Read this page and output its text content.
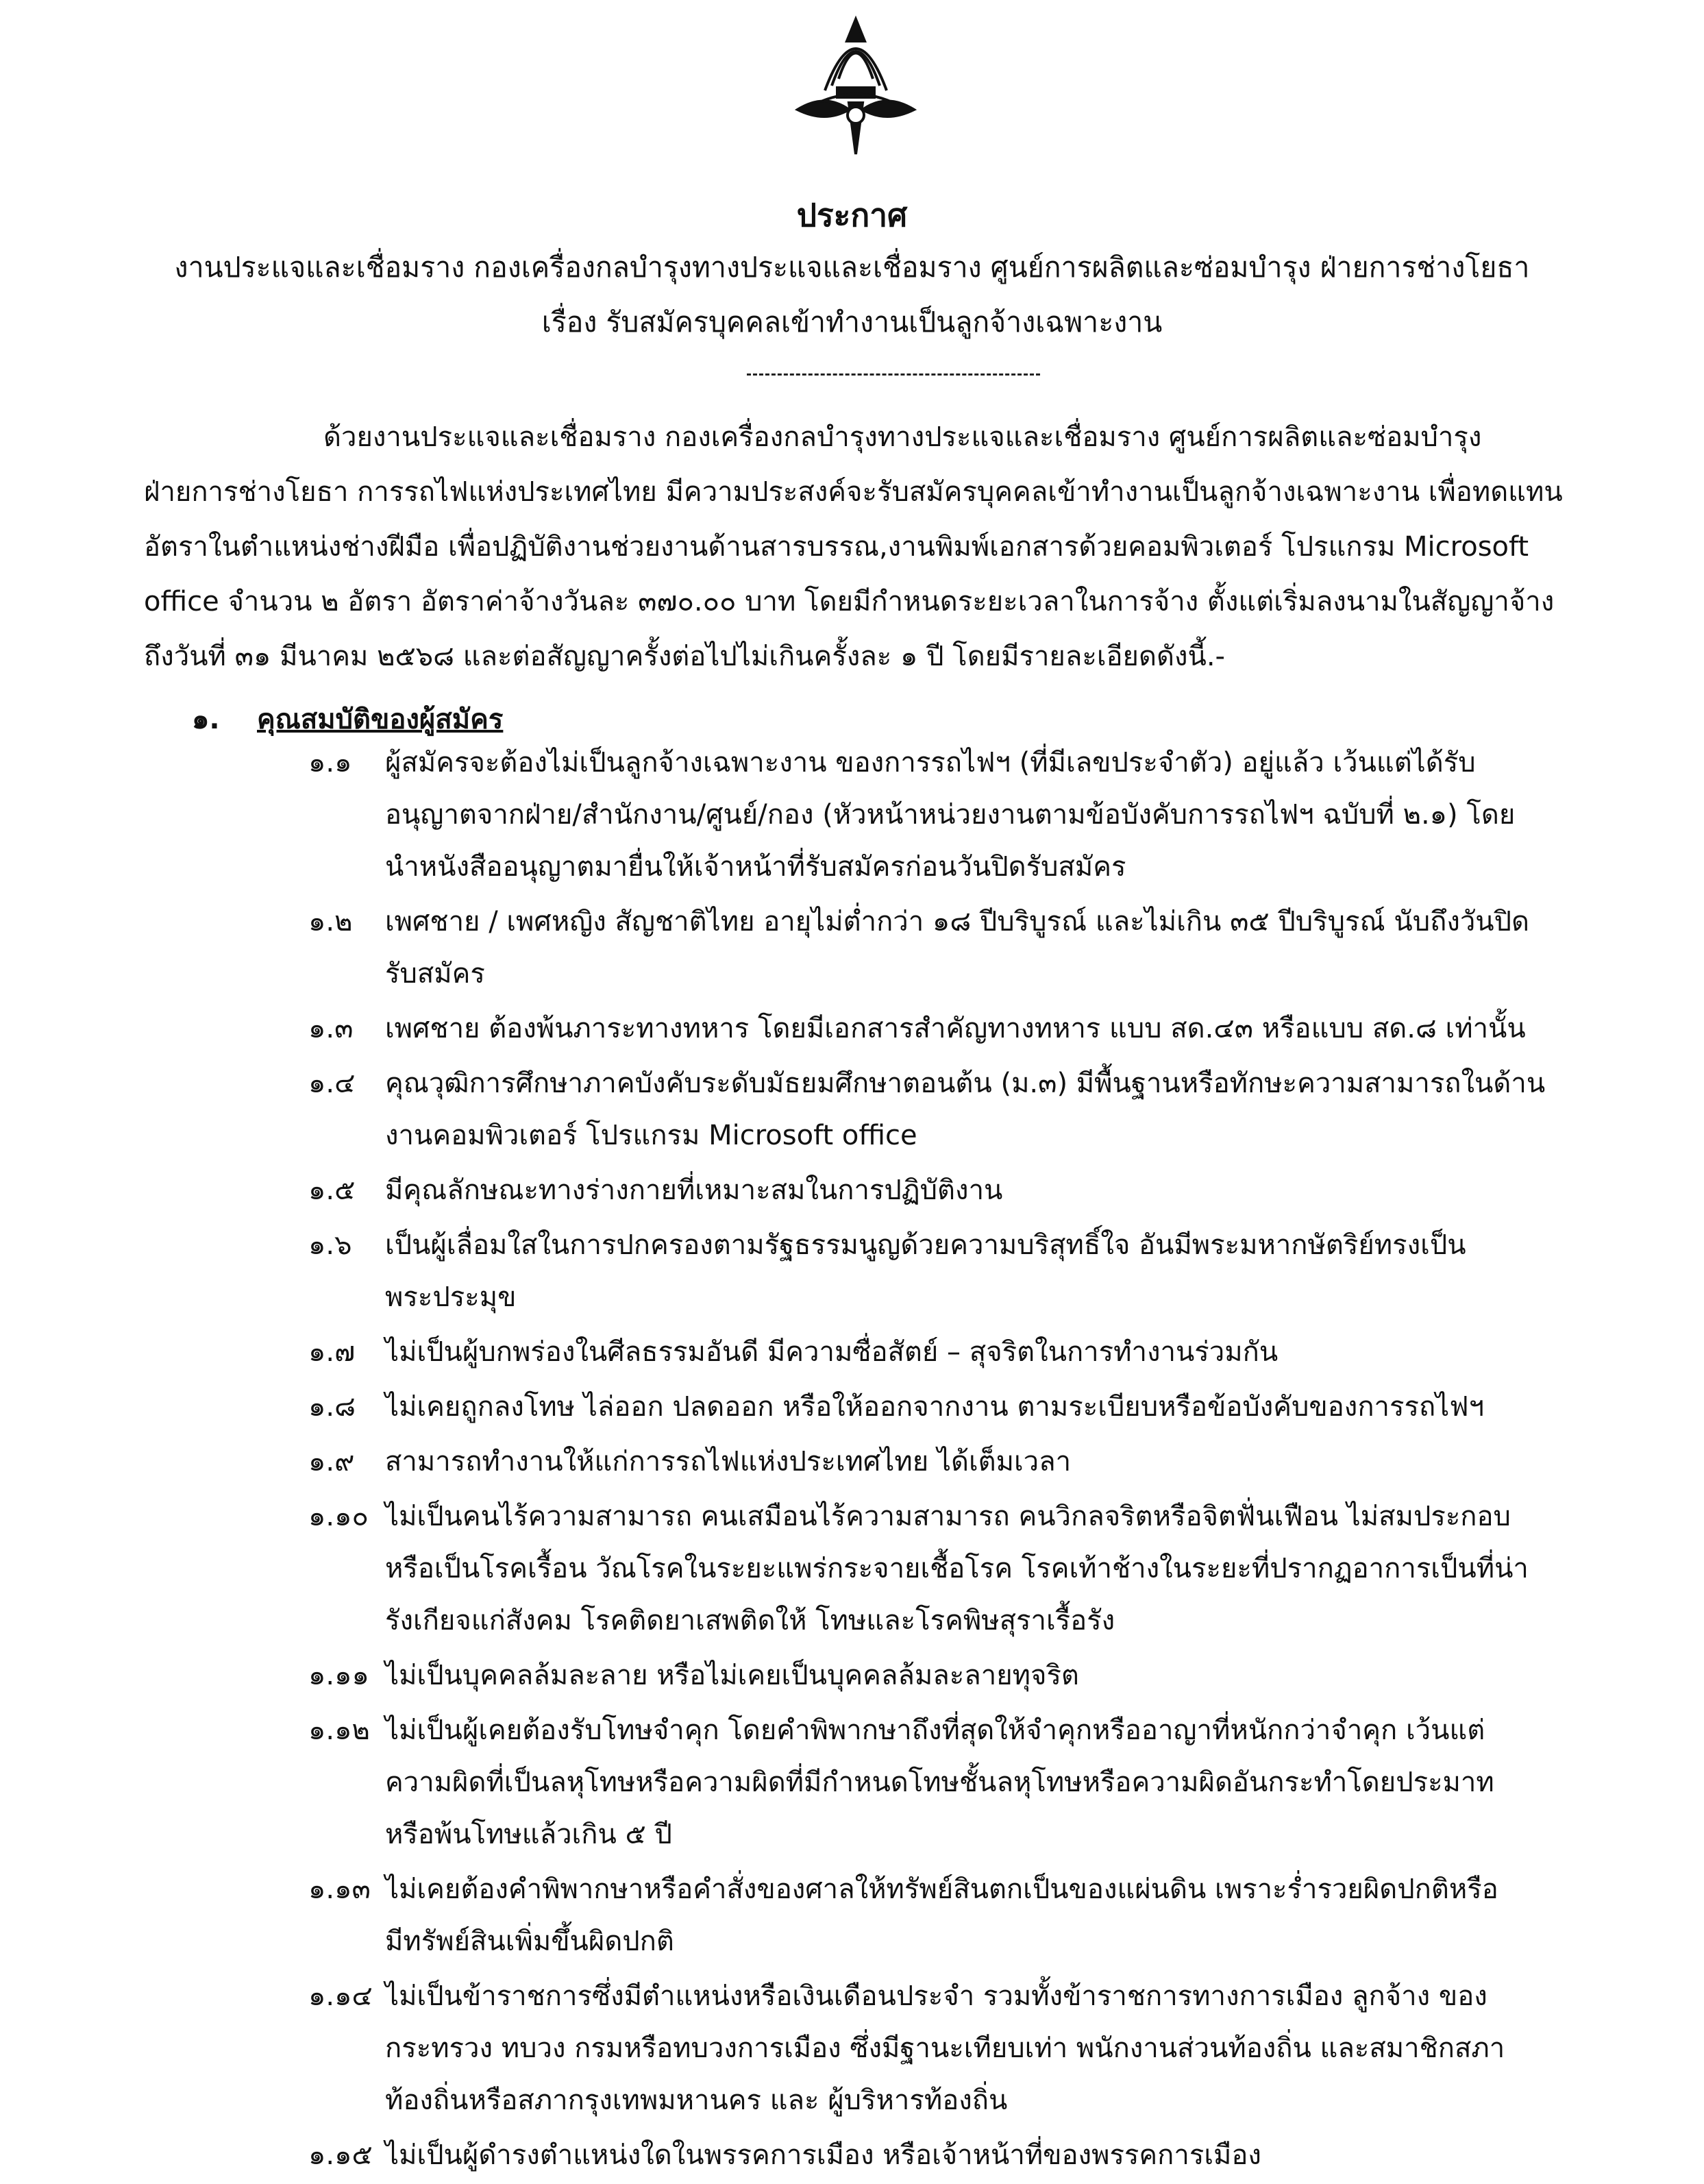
ประกาศ
งานประแจและเชื่อมราง กองเครื่องกลบำรุงทางประแจและเชื่อมราง ศูนย์การผลิตและซ่อมบำรุง ฝ่ายการช่างโยธา
เรื่อง รับสมัครบุคคลเข้าทำงานเป็นลูกจ้างเฉพาะงาน

ด้วยงานประแจและเชื่อมราง กองเครื่องกลบำรุงทางประแจและเชื่อมราง ศูนย์การผลิตและซ่อมบำรุง

ฝ่ายการช่างโยธา การรถไฟแห่งประเทศไทย มีความประสงค์จะรับสมัครบุคคลเข้าทำงานเป็นลูกจ้างเฉพาะงาน เพื่อทดแทน

อัตราในตำแหน่งช่างฝีมือ เพื่อปฏิบัติงานช่วยงานด้านสารบรรณ,งานพิมพ์เอกสารด้วยคอมพิวเตอร์ โปรแกรม Microsoft

office จำนวน ๒ อัตรา อัตราค่าจ้างวันละ ๓๗๐.๐๐ บาท โดยมีกำหนดระยะเวลาในการจ้าง ตั้งแต่เริ่มลงนามในสัญญาจ้าง

ถึงวันที่ ๓๑ มีนาคม ๒๕๖๘ และต่อสัญญาครั้งต่อไปไม่เกินครั้งละ ๑ ปี โดยมีรายละเอียดดังนี้.-

๑. คุณสมบัติของผู้สมัคร
๑.๑	ผู้สมัครจะต้องไม่เป็นลูกจ้างเฉพาะงาน ของการรถไฟฯ (ที่มีเลขประจำตัว) อยู่แล้ว เว้นแต่ได้รับ
อนุญาตจากฝ่าย/สำนักงาน/ศูนย์/กอง (หัวหน้าหน่วยงานตามข้อบังคับการรถไฟฯ ฉบับที่ ๒.๑) โดย
นำหนังสืออนุญาตมายื่นให้เจ้าหน้าที่รับสมัครก่อนวันปิดรับสมัคร
๑.๒	เพศชาย / เพศหญิง สัญชาติไทย อายุไม่ต่ำกว่า ๑๘ ปีบริบูรณ์ และไม่เกิน ๓๕ ปีบริบูรณ์ นับถึงวันปิด
รับสมัคร
๑.๓	เพศชาย ต้องพ้นภาระทางทหาร โดยมีเอกสารสำคัญทางทหาร แบบ สด.๔๓ หรือแบบ สด.๘ เท่านั้น
๑.๔	คุณวุฒิการศึกษาภาคบังคับระดับมัธยมศึกษาตอนต้น (ม.๓) มีพื้นฐานหรือทักษะความสามารถในด้าน
งานคอมพิวเตอร์ โปรแกรม Microsoft office
๑.๕	มีคุณลักษณะทางร่างกายที่เหมาะสมในการปฏิบัติงาน
๑.๖	เป็นผู้เลื่อมใสในการปกครองตามรัฐธรรมนูญด้วยความบริสุทธิ์ใจ อันมีพระมหากษัตริย์ทรงเป็น
พระประมุข
๑.๗	ไม่เป็นผู้บกพร่องในศีลธรรมอันดี มีความซื่อสัตย์ – สุจริตในการทำงานร่วมกัน
๑.๘	ไม่เคยถูกลงโทษ ไล่ออก ปลดออก หรือให้ออกจากงาน ตามระเบียบหรือข้อบังคับของการรถไฟฯ
๑.๙	สามารถทำงานให้แก่การรถไฟแห่งประเทศไทย ได้เต็มเวลา
๑.๑๐ ไม่เป็นคนไร้ความสามารถ คนเสมือนไร้ความสามารถ คนวิกลจริตหรือจิตฟั่นเฟือน ไม่สมประกอบ
หรือเป็นโรคเรื้อน วัณโรคในระยะแพร่กระจายเชื้อโรค โรคเท้าช้างในระยะที่ปรากฏอาการเป็นที่น่า
รังเกียจแก่สังคม โรคติดยาเสพติดให้ โทษและโรคพิษสุราเรื้อรัง
๑.๑๑ ไม่เป็นบุคคลล้มละลาย หรือไม่เคยเป็นบุคคลล้มละลายทุจริต
๑.๑๒ ไม่เป็นผู้เคยต้องรับโทษจำคุก โดยคำพิพากษาถึงที่สุดให้จำคุกหรืออาญาที่หนักกว่าจำคุก เว้นแต่
ความผิดที่เป็นลหุโทษหรือความผิดที่มีกำหนดโทษชั้นลหุโทษหรือความผิดอันกระทำโดยประมาท
หรือพ้นโทษแล้วเกิน ๕ ปี
๑.๑๓ ไม่เคยต้องคำพิพากษาหรือคำสั่งของศาลให้ทรัพย์สินตกเป็นของแผ่นดิน เพราะร่ำรวยผิดปกติหรือ
มีทรัพย์สินเพิ่มขึ้นผิดปกติ
๑.๑๔ ไม่เป็นข้าราชการซึ่งมีตำแหน่งหรือเงินเดือนประจำ รวมทั้งข้าราชการทางการเมือง ลูกจ้าง ของ
กระทรวง ทบวง กรมหรือทบวงการเมือง ซึ่งมีฐานะเทียบเท่า พนักงานส่วนท้องถิ่น และสมาชิกสภา
ท้องถิ่นหรือสภากรุงเทพมหานคร และ ผู้บริหารท้องถิ่น
๑.๑๕ ไม่เป็นผู้ดำรงตำแหน่งใดในพรรคการเมือง หรือเจ้าหน้าที่ของพรรคการเมือง
